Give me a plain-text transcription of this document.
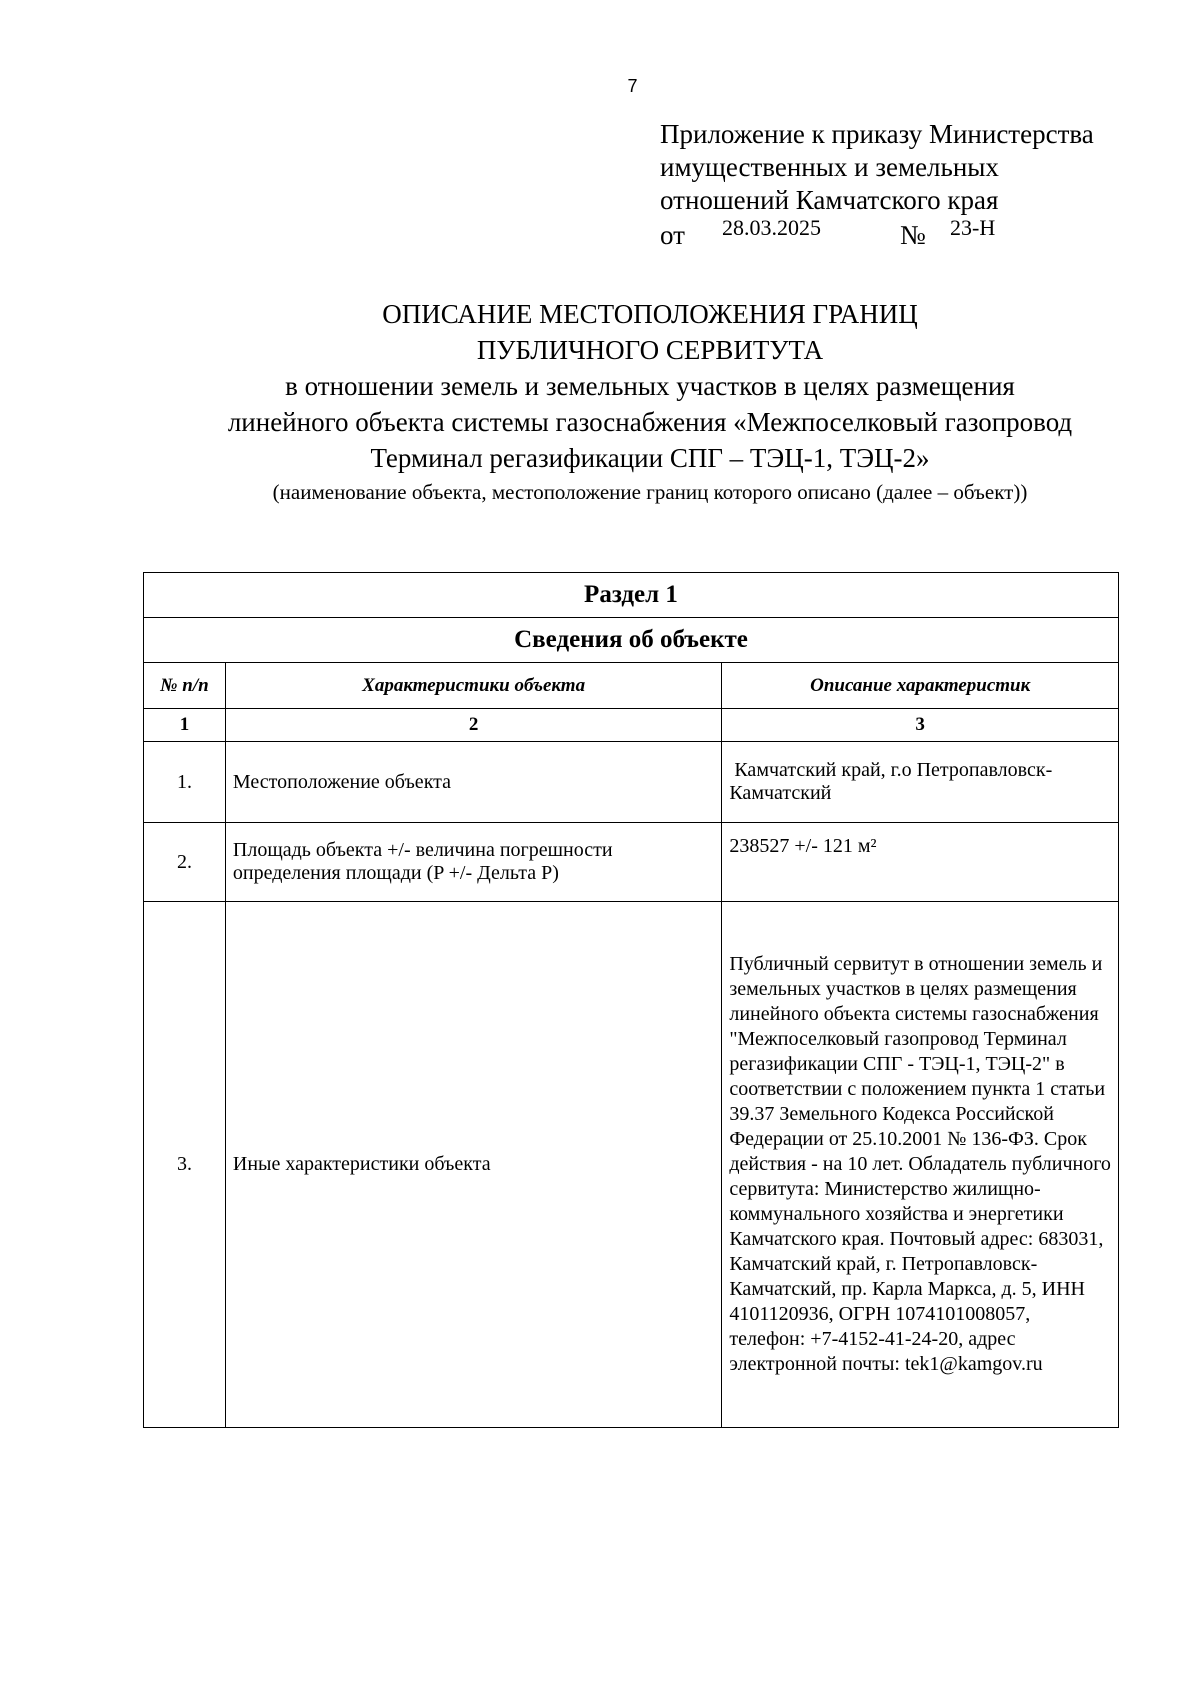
7
Приложение к приказу Министерства
имущественных и земельных
отношений Камчатского края
от 28.03.2025	№ 23-Н
ОПИСАНИЕ МЕСТОПОЛОЖЕНИЯ ГРАНИЦ
ПУБЛИЧНОГО СЕРВИТУТА
в отношении земель и земельных участков в целях размещения
линейного объекта системы газоснабжения «Межпоселковый газопровод
Терминал регазификации СПГ – ТЭЦ-1, ТЭЦ-2»
(наименование объекта, местоположение границ которого описано (далее – объект))
Раздел 1		
Сведения об объекте		
№ п/п	Характеристики объекта	Описание характеристик
1	2	3
1.	Местоположение объекта	Камчатский край, г.о Петропавловск-Камчатский
2.	Площадь объекта +/- величина погрешности определения площади (P +/- Дельта P)	238527 +/- 121 м²
3.	Иные характеристики объекта	Публичный сервитут в отношении земель и земельных участков в целях размещения линейного объекта системы газоснабжения "Межпоселковый газопровод Терминал регазификации СПГ - ТЭЦ-1, ТЭЦ-2" в соответствии с положением пункта 1 статьи 39.37 Земельного Кодекса Российской Федерации от 25.10.2001 № 136-ФЗ. Срок действия - на 10 лет. Обладатель публичного сервитута: Министерство жилищно-коммунального хозяйства и энергетики Камчатского края. Почтовый адрес: 683031, Камчатский край, г. Петропавловск-Камчатский, пр. Карла Маркса, д. 5, ИНН 4101120936, ОГРН 1074101008057, телефон: +7-4152-41-24-20, адрес электронной почты: tek1@kamgov.ru
